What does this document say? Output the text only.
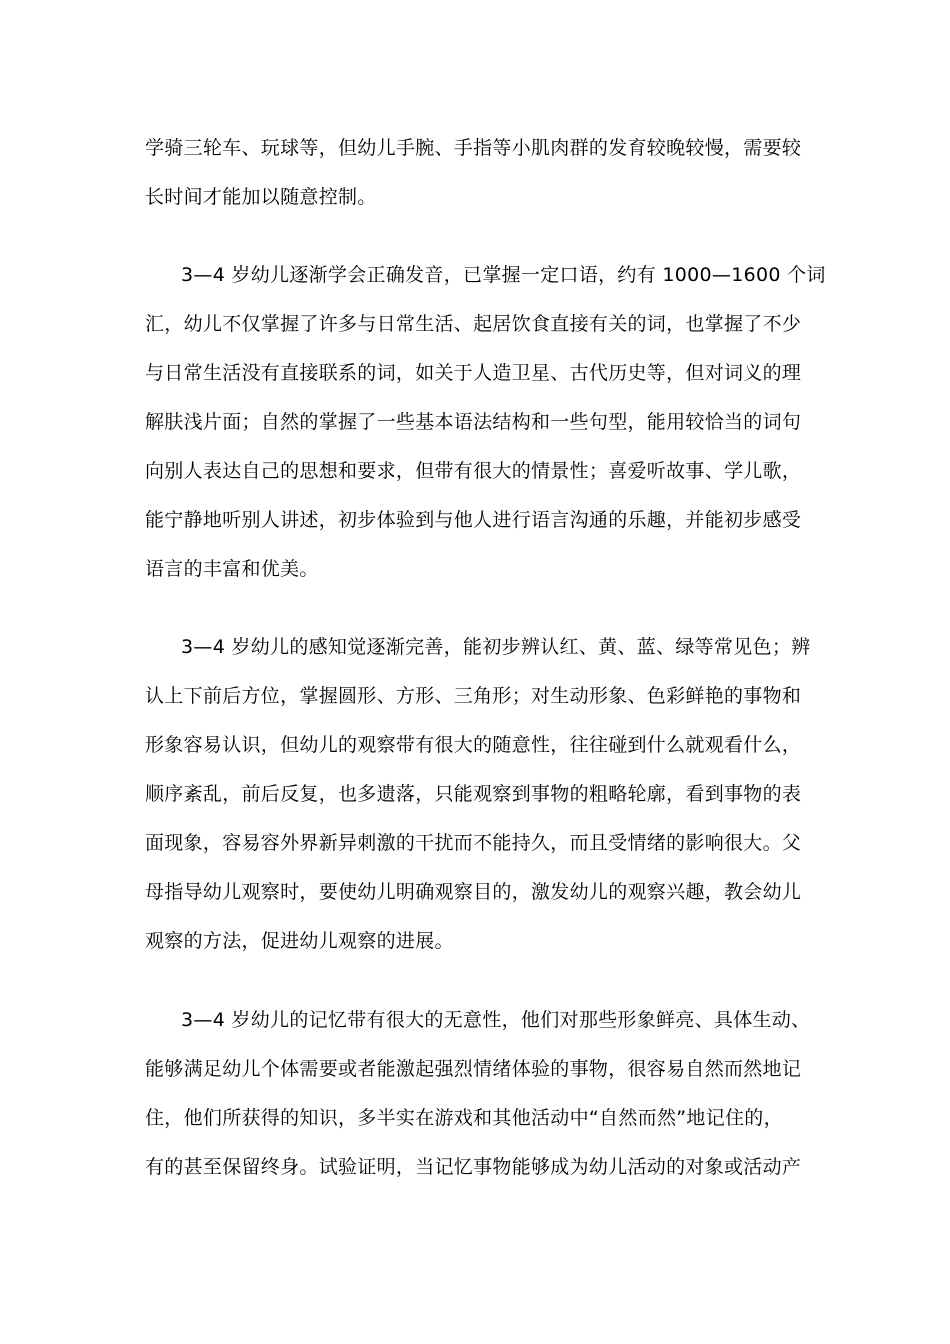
学骑三轮车、玩球等，但幼儿手腕、手指等小肌肉群的发育较晚较慢，需要较
长时间才能加以随意控制。
3—4 岁幼儿逐渐学会正确发音，已掌握一定口语，约有 1000—1600 个词
汇，幼儿不仅掌握了许多与日常生活、起居饮食直接有关的词，也掌握了不少
与日常生活没有直接联系的词，如关于人造卫星、古代历史等，但对词义的理
解肤浅片面；自然的掌握了一些基本语法结构和一些句型，能用较恰当的词句
向别人表达自己的思想和要求，但带有很大的情景性；喜爱听故事、学儿歌，
能宁静地听别人讲述，初步体验到与他人进行语言沟通的乐趣，并能初步感受
语言的丰富和优美。
3—4 岁幼儿的感知觉逐渐完善，能初步辨认红、黄、蓝、绿等常见色；辨
认上下前后方位，掌握圆形、方形、三角形；对生动形象、色彩鲜艳的事物和
形象容易认识，但幼儿的观察带有很大的随意性，往往碰到什么就观看什么，
顺序紊乱，前后反复，也多遗落，只能观察到事物的粗略轮廓，看到事物的表
面现象，容易容外界新异刺激的干扰而不能持久，而且受情绪的影响很大。父
母指导幼儿观察时，要使幼儿明确观察目的，激发幼儿的观察兴趣，教会幼儿
观察的方法，促进幼儿观察的进展。
3—4 岁幼儿的记忆带有很大的无意性，他们对那些形象鲜亮、具体生动、
能够满足幼儿个体需要或者能激起强烈情绪体验的事物，很容易自然而然地记
住，他们所获得的知识，多半实在游戏和其他活动中“自然而然”地记住的，
有的甚至保留终身。试验证明，当记忆事物能够成为幼儿活动的对象或活动产
